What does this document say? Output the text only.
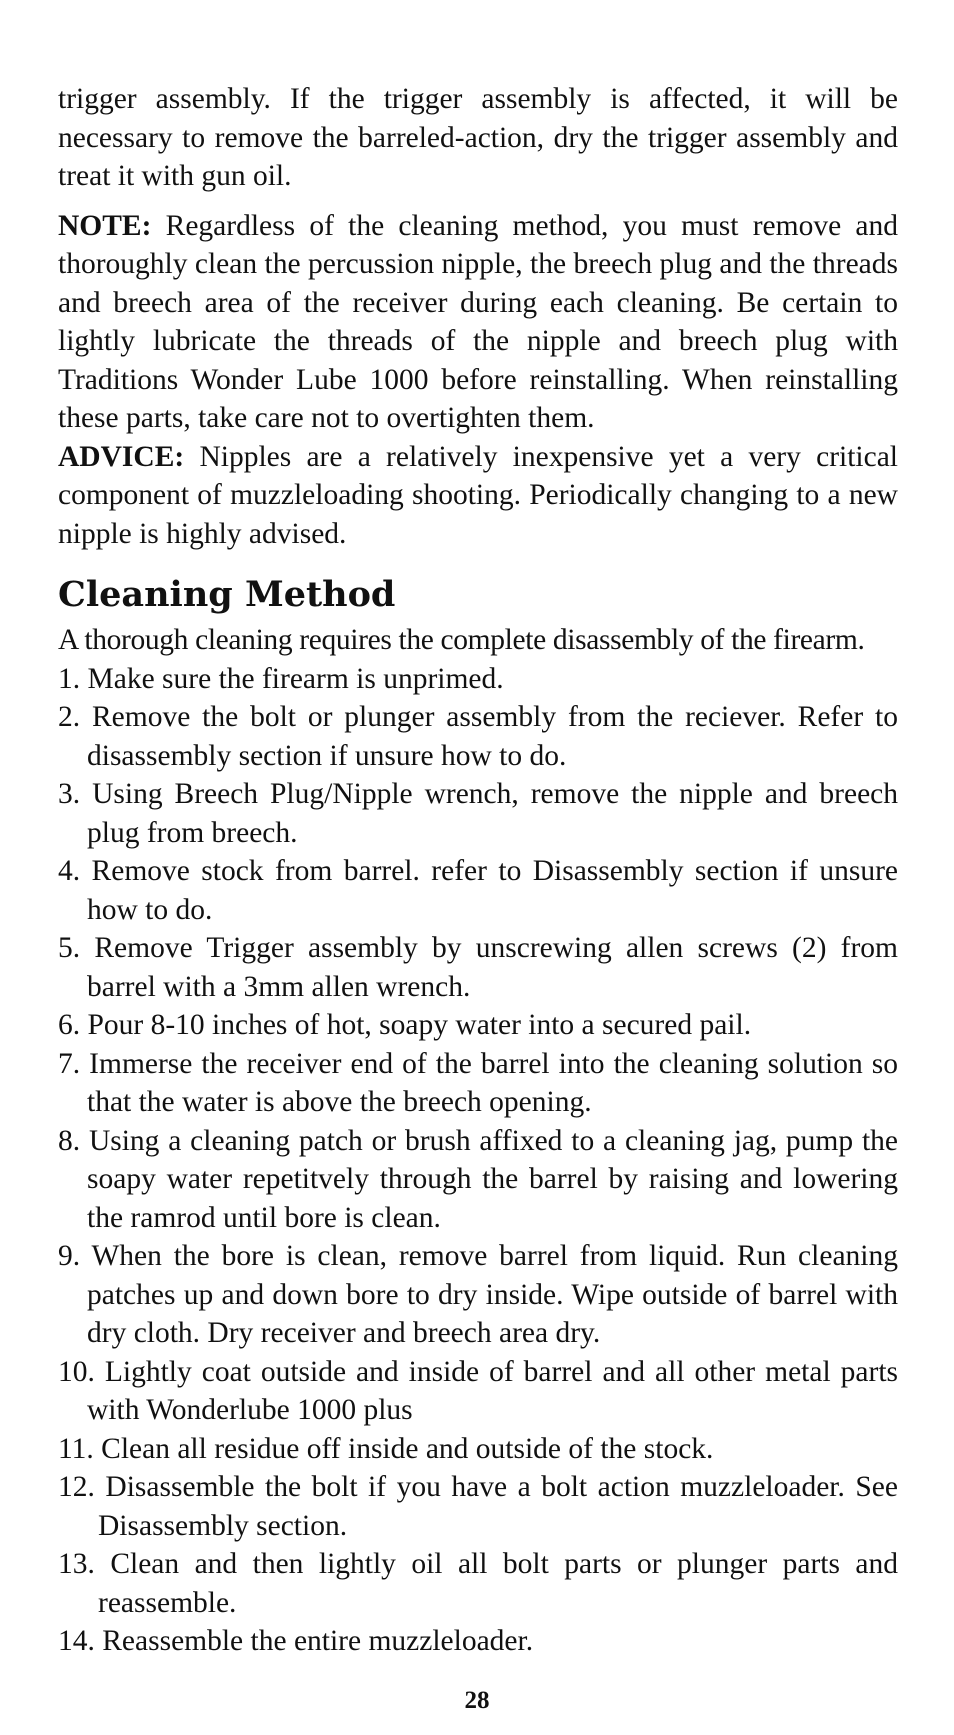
trigger assembly. If the trigger assembly is affected, it will be necessary to remove the barreled-action, dry the trigger assembly and treat it with gun oil.

NOTE: Regardless of the cleaning method, you must remove and thoroughly clean the percussion nipple, the breech plug and the threads and breech area of the receiver during each cleaning. Be certain to lightly lubricate the threads of the nipple and breech plug with Traditions Wonder Lube 1000 before reinstalling. When reinstalling these parts, take care not to overtighten them.

ADVICE: Nipples are a relatively inexpensive yet a very critical component of muzzleloading shooting. Periodically changing to a new nipple is highly advised.

Cleaning Method

A thorough cleaning requires the complete disassembly of the firearm.

1. Make sure the firearm is unprimed.
2. Remove the bolt or plunger assembly from the reciever. Refer to disassembly section if unsure how to do.
3. Using Breech Plug/Nipple wrench, remove the nipple and breech plug from breech.
4. Remove stock from barrel. refer to Disassembly section if unsure how to do.
5. Remove Trigger assembly by unscrewing allen screws (2) from barrel with a 3mm allen wrench.
6. Pour 8-10 inches of hot, soapy water into a secured pail.
7. Immerse the receiver end of the barrel into the cleaning solution so that the water is above the breech opening.
8. Using a cleaning patch or brush affixed to a cleaning jag, pump the soapy water repetitvely through the barrel by raising and lowering the ramrod until bore is clean.
9. When the bore is clean, remove barrel from liquid. Run cleaning patches up and down bore to dry inside. Wipe outside of barrel with dry cloth. Dry receiver and breech area dry.
10. Lightly coat outside and inside of barrel and all other metal parts with Wonderlube 1000 plus
11. Clean all residue off inside and outside of the stock.
12. Disassemble the bolt if you have a bolt action muzzleloader. See Disassembly section.
13. Clean and then lightly oil all bolt parts or plunger parts and reassemble.
14. Reassemble the entire muzzleloader.
28
